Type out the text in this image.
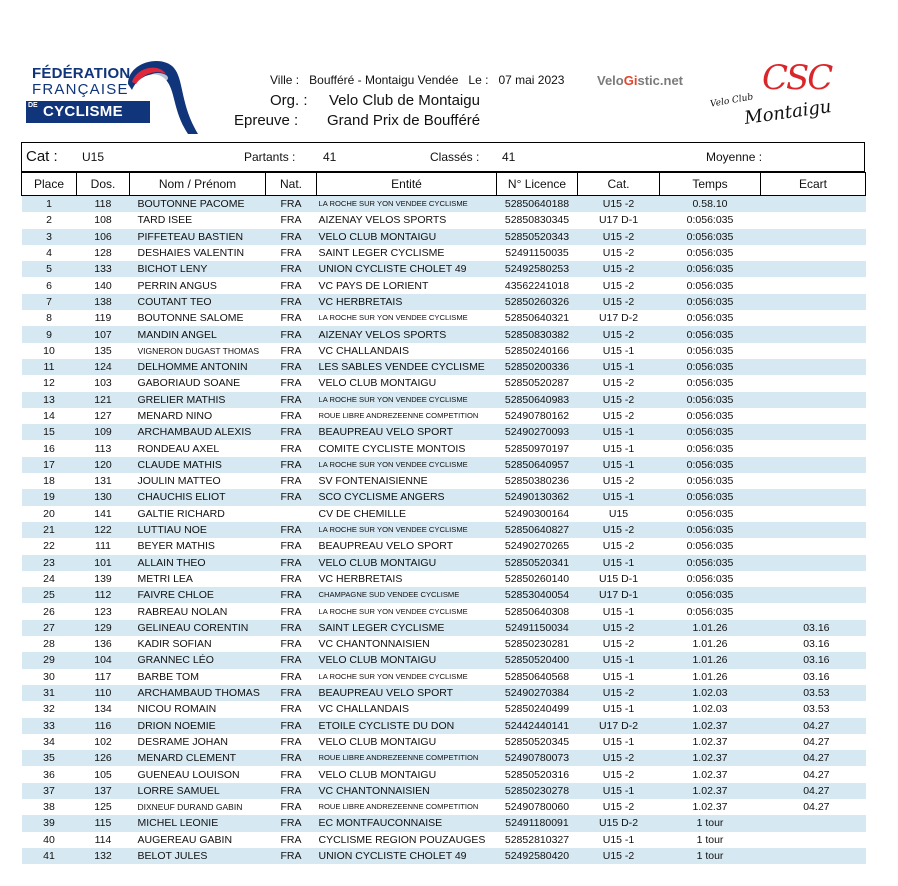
FÉDÉRATION
FRANÇAISE
DE CYCLISME
Ville : Boufféré - Montaigu Vendée Le : 07 mai 2023
Org. : Velo Club de Montaigu
Epreuve : Grand Prix de Boufféré
VeloGistic.net CSC
Velo Club
Montaigu
Cat : U15	Partants : 41	Classés : 41	Moyenne :
Place	Dos.	Nom / Prénom	Nat.	Entité	N° Licence	Cat.	Temps	Ecart
1	118	BOUTONNE PACOME	FRA	LA ROCHE SUR YON VENDEE CYCLISME	52850640188	U15 -2	0.58.10	
2	108	TARD ISEE	FRA	AIZENAY VELOS SPORTS	52850830345	U17 D-1	0:056:035	
3	106	PIFFETEAU BASTIEN	FRA	VELO CLUB MONTAIGU	52850520343	U15 -2	0:056:035	
4	128	DESHAIES VALENTIN	FRA	SAINT LEGER CYCLISME	52491150035	U15 -2	0:056:035	
5	133	BICHOT LENY	FRA	UNION CYCLISTE CHOLET 49	52492580253	U15 -2	0:056:035	
6	140	PERRIN ANGUS	FRA	VC PAYS DE LORIENT	43562241018	U15 -2	0:056:035	
7	138	COUTANT TEO	FRA	VC HERBRETAIS	52850260326	U15 -2	0:056:035	
8	119	BOUTONNE SALOME	FRA	LA ROCHE SUR YON VENDEE CYCLISME	52850640321	U17 D-2	0:056:035	
9	107	MANDIN ANGEL	FRA	AIZENAY VELOS SPORTS	52850830382	U15 -2	0:056:035	
10	135	VIGNERON DUGAST THOMAS	FRA	VC CHALLANDAIS	52850240166	U15 -1	0:056:035	
11	124	DELHOMME ANTONIN	FRA	LES SABLES VENDEE CYCLISME	52850200336	U15 -1	0:056:035	
12	103	GABORIAUD SOANE	FRA	VELO CLUB MONTAIGU	52850520287	U15 -2	0:056:035	
13	121	GRELIER MATHIS	FRA	LA ROCHE SUR YON VENDEE CYCLISME	52850640983	U15 -2	0:056:035	
14	127	MENARD NINO	FRA	ROUE LIBRE ANDREZEENNE COMPETITION	52490780162	U15 -2	0:056:035	
15	109	ARCHAMBAUD ALEXIS	FRA	BEAUPREAU VELO SPORT	52490270093	U15 -1	0:056:035	
16	113	RONDEAU AXEL	FRA	COMITE CYCLISTE MONTOIS	52850970197	U15 -1	0:056:035	
17	120	CLAUDE MATHIS	FRA	LA ROCHE SUR YON VENDEE CYCLISME	52850640957	U15 -1	0:056:035	
18	131	JOULIN MATTEO	FRA	SV FONTENAISIENNE	52850380236	U15 -2	0:056:035	
19	130	CHAUCHIS ELIOT	FRA	SCO CYCLISME ANGERS	52490130362	U15 -1	0:056:035	
20	141	GALTIE RICHARD		CV DE CHEMILLE	52490300164	U15	0:056:035	
21	122	LUTTIAU NOE	FRA	LA ROCHE SUR YON VENDEE CYCLISME	52850640827	U15 -2	0:056:035	
22	111	BEYER MATHIS	FRA	BEAUPREAU VELO SPORT	52490270265	U15 -2	0:056:035	
23	101	ALLAIN THEO	FRA	VELO CLUB MONTAIGU	52850520341	U15 -1	0:056:035	
24	139	METRI LEA	FRA	VC HERBRETAIS	52850260140	U15 D-1	0:056:035	
25	112	FAIVRE CHLOE	FRA	CHAMPAGNE SUD VENDEE CYCLISME	52853040054	U17 D-1	0:056:035	
26	123	RABREAU NOLAN	FRA	LA ROCHE SUR YON VENDEE CYCLISME	52850640308	U15 -1	0:056:035	
27	129	GELINEAU CORENTIN	FRA	SAINT LEGER CYCLISME	52491150034	U15 -2	1.01.26	03.16
28	136	KADIR SOFIAN	FRA	VC CHANTONNAISIEN	52850230281	U15 -2	1.01.26	03.16
29	104	GRANNEC LÉO	FRA	VELO CLUB MONTAIGU	52850520400	U15 -1	1.01.26	03.16
30	117	BARBE TOM	FRA	LA ROCHE SUR YON VENDEE CYCLISME	52850640568	U15 -1	1.01.26	03.16
31	110	ARCHAMBAUD THOMAS	FRA	BEAUPREAU VELO SPORT	52490270384	U15 -2	1.02.03	03.53
32	134	NICOU ROMAIN	FRA	VC CHALLANDAIS	52850240499	U15 -1	1.02.03	03.53
33	116	DRION NOEMIE	FRA	ETOILE CYCLISTE DU DON	52442440141	U17 D-2	1.02.37	04.27
34	102	DESRAME JOHAN	FRA	VELO CLUB MONTAIGU	52850520345	U15 -1	1.02.37	04.27
35	126	MENARD CLEMENT	FRA	ROUE LIBRE ANDREZEENNE COMPETITION	52490780073	U15 -2	1.02.37	04.27
36	105	GUENEAU LOUISON	FRA	VELO CLUB MONTAIGU	52850520316	U15 -2	1.02.37	04.27
37	137	LORRE SAMUEL	FRA	VC CHANTONNAISIEN	52850230278	U15 -1	1.02.37	04.27
38	125	DIXNEUF DURAND GABIN	FRA	ROUE LIBRE ANDREZEENNE COMPETITION	52490780060	U15 -2	1.02.37	04.27
39	115	MICHEL LEONIE	FRA	EC MONTFAUCONNAISE	52491180091	U15 D-2	1 tour	
40	114	AUGEREAU GABIN	FRA	CYCLISME REGION POUZAUGES	52852810327	U15 -1	1 tour	
41	132	BELOT JULES	FRA	UNION CYCLISTE CHOLET 49	52492580420	U15 -2	1 tour	
